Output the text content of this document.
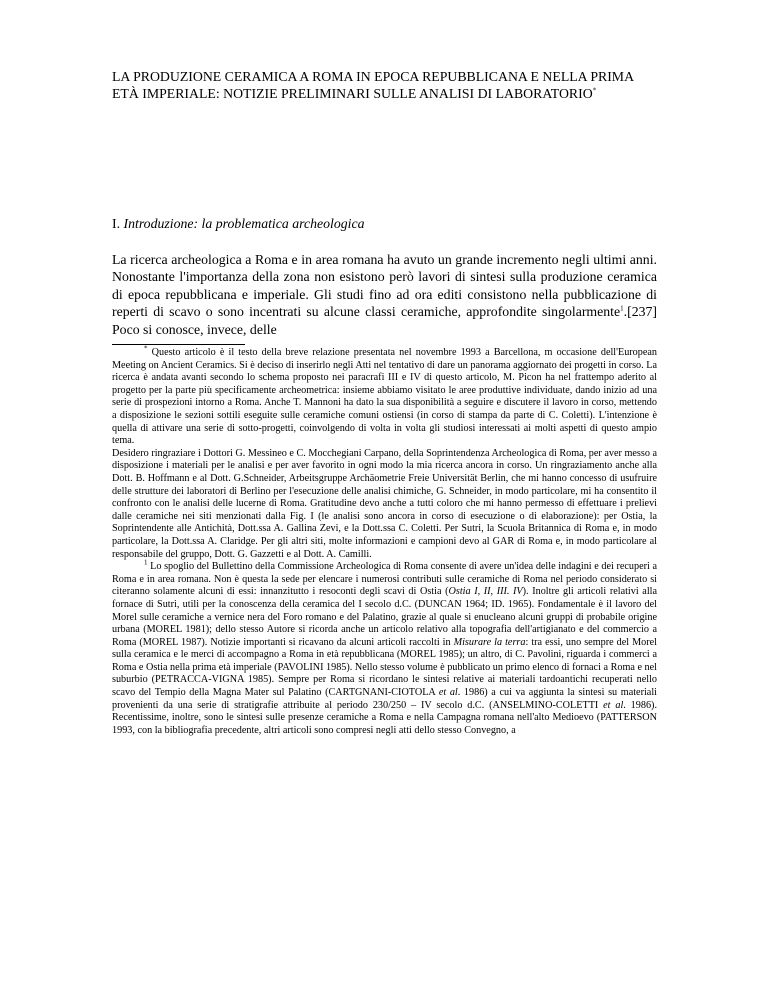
LA PRODUZIONE CERAMICA A ROMA IN EPOCA REPUBBLICANA E NELLA PRIMA ETÀ IMPERIALE: NOTIZIE PRELIMINARI SULLE ANALISI DI LABORATORIO*
I. Introduzione: la problematica archeologica

La ricerca archeologica a Roma e in area romana ha avuto un grande incremento negli ultimi anni. Nonostante l'importanza della zona non esistono però lavori di sintesi sulla produzione ceramica di epoca repubblicana e imperiale. Gli studi fino ad ora editi consistono nella pubblicazione di reperti di scavo o sono incentrati su alcune classi ceramiche, approfondite singolarmente$^1$.[237] Poco si conosce, invece, delle

* Questo articolo è il testo della breve relazione presentata nel novembre 1993 a Barcellona, m occasione dell'European Meeting on Ancient Ceramics. Si è deciso di inserirlo negli Atti nel tentativo di dare un panorama aggiornato dei progetti in corso. La ricerca è andata avanti secondo lo schema proposto nei paracrafi III e IV di questo articolo, M. Picon ha nel frattempo aderito al progetto per la parte più specificamente archeometrica: insieme abbiamo visitato le aree produttive individuate, dando inizio ad una serie di prospezioni intorno a Roma. Anche T. Mannoni ha dato la sua disponibilità a seguire e discutere il lavoro in corso, mettendo a disposizione le sezioni sottili eseguite sulle ceramiche comuni ostiensi (in corso di stampa da parte di C. Coletti). L'intenzione è quella di attivare una serie di sotto-progetti, coinvolgendo di volta in volta gli studiosi interessati ai molti aspetti di questo ampio tema.

Desidero ringraziare i Dottori G. Messineo e C. Mocchegiani Carpano, della Soprintendenza Archeologica di Roma, per aver messo a disposizione i materiali per le analisi e per aver favorito in ogni modo la mia ricerca ancora in corso. Un ringraziamento anche alla Dott. B. Hoffmann e al Dott. G.Schneider, Arbeitsgruppe Archäometrie Freie Universität Berlin, che mi hanno concesso di usufruire delle strutture dei laboratori di Berlino per l'esecuzione delle analisi chimiche, G. Schneider, in modo particolare, mi ha consentito il confronto con le analisi delle lucerne di Roma. Gratitudine devo anche a tutti coloro che mi hanno permesso di effettuare i prelievi dalle ceramiche nei siti menzionati dalla Fig. I (le analisi sono ancora in corso di esecuzione o di elaborazione): per Ostia, la Soprintendente alle Antichità, Dott.ssa A. Gallina Zevi, e la Dott.ssa C. Coletti. Per Sutri, la Scuola Britannica di Roma e, in modo particolare, la Dott.ssa A. Claridge. Per gli altri siti, molte informazioni e campioni devo al GAR di Roma e, in modo particolare al responsabile del gruppo, Dott. G. Gazzetti e al Dott. A. Camilli.

$^1$ Lo spoglio del Bullettino della Commissione Archeologica di Roma consente di avere un'idea delle indagini e dei recuperi a Roma e in area romana. Non è questa la sede per elencare i numerosi contributi sulle ceramiche di Roma nel periodo considerato si citeranno solamente alcuni di essi: innanzitutto i resoconti degli scavi di Ostia (Ostia I, II, III. IV). Inoltre gli articoli relativi alla fornace di Sutri, utili per la conoscenza della ceramica del I secolo d.C. (DUNCAN 1964; ID. 1965). Fondamentale è il lavoro del Morel sulle ceramiche a vernice nera del Foro romano e del Palatino, grazie al quale si enucleano alcuni gruppi di probabile origine urbana (MOREL 1981); dello stesso Autore si ricorda anche un articolo relativo alla topografia dell'artigianato e del commercio a Roma (MOREL 1987). Notizie importanti si ricavano da alcuni articoli raccolti in Misurare la terra: tra essi, uno sempre del Morel sulla ceramica e le merci di accompagno a Roma in età repubblicana (MOREL 1985); un altro, di C. Pavolini, riguarda i commerci a Roma e Ostia nella prima età imperiale (PAVOLINI 1985). Nello stesso volume è pubblicato un primo elenco di fornaci a Roma e nel suburbio (PETRACCA-VIGNA 1985). Sempre per Roma si ricordano le sintesi relative ai materiali tardoantichi recuperati nello scavo del Tempio della Magna Mater sul Palatino (CARTGNANI-CIOTOLA et al. 1986) a cui va aggiunta la sintesi su materiali provenienti da una serie di stratigrafie attribuite al periodo 230/250 – IV secolo d.C. (ANSELMINO-COLETTI et al. 1986). Recentissime, inoltre, sono le sintesi sulle presenze ceramiche a Roma e nella Campagna romana nell'alto Medioevo (PATTERSON 1993, con la bibliografia precedente, altri articoli sono compresi negli atti dello stesso Convegno, a
